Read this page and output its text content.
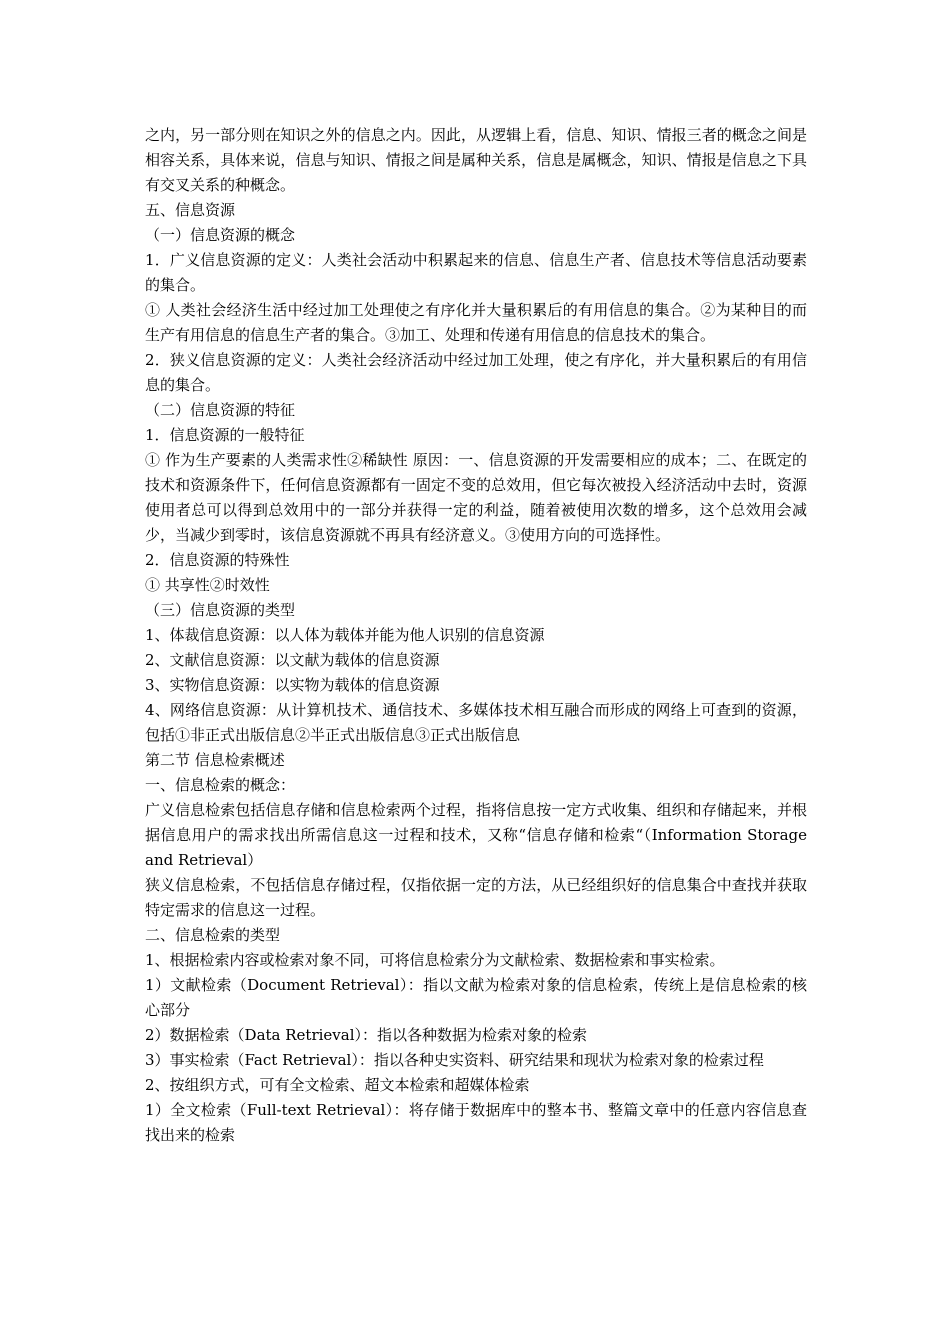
之内，另一部分则在知识之外的信息之内。因此，从逻辑上看，信息、知识、情报三者的概念之间是相容关系，具体来说，信息与知识、情报之间是属种关系，信息是属概念，知识、情报是信息之下具有交叉关系的种概念。

五、信息资源

（一）信息资源的概念

1．广义信息资源的定义：人类社会活动中积累起来的信息、信息生产者、信息技术等信息活动要素的集合。

① 人类社会经济生活中经过加工处理使之有序化并大量积累后的有用信息的集合。②为某种目的而生产有用信息的信息生产者的集合。③加工、处理和传递有用信息的信息技术的集合。

2．狭义信息资源的定义：人类社会经济活动中经过加工处理，使之有序化，并大量积累后的有用信息的集合。

（二）信息资源的特征

1．信息资源的一般特征

① 作为生产要素的人类需求性②稀缺性 原因：一、信息资源的开发需要相应的成本；二、在既定的技术和资源条件下，任何信息资源都有一固定不变的总效用，但它每次被投入经济活动中去时，资源使用者总可以得到总效用中的一部分并获得一定的利益，随着被使用次数的增多，这个总效用会减少，当减少到零时，该信息资源就不再具有经济意义。③使用方向的可选择性。

2．信息资源的特殊性

① 共享性②时效性

（三）信息资源的类型

1、体裁信息资源：以人体为载体并能为他人识别的信息资源

2、文献信息资源：以文献为载体的信息资源

3、实物信息资源：以实物为载体的信息资源

4、网络信息资源：从计算机技术、通信技术、多媒体技术相互融合而形成的网络上可查到的资源，包括①非正式出版信息②半正式出版信息③正式出版信息

第二节 信息检索概述

一、信息检索的概念：

广义信息检索包括信息存储和信息检索两个过程，指将信息按一定方式收集、组织和存储起来，并根据信息用户的需求找出所需信息这一过程和技术，又称“信息存储和检索“（Information Storage and Retrieval）

狭义信息检索，不包括信息存储过程，仅指依据一定的方法，从已经组织好的信息集合中查找并获取特定需求的信息这一过程。

二、信息检索的类型

1、根据检索内容或检索对象不同，可将信息检索分为文献检索、数据检索和事实检索。

1）文献检索（Document Retrieval）：指以文献为检索对象的信息检索，传统上是信息检索的核心部分

2）数据检索（Data Retrieval）：指以各种数据为检索对象的检索

3）事实检索（Fact Retrieval）：指以各种史实资料、研究结果和现状为检索对象的检索过程

2、按组织方式，可有全文检索、超文本检索和超媒体检索

1）全文检索（Full-text Retrieval）：将存储于数据库中的整本书、整篇文章中的任意内容信息查找出来的检索
